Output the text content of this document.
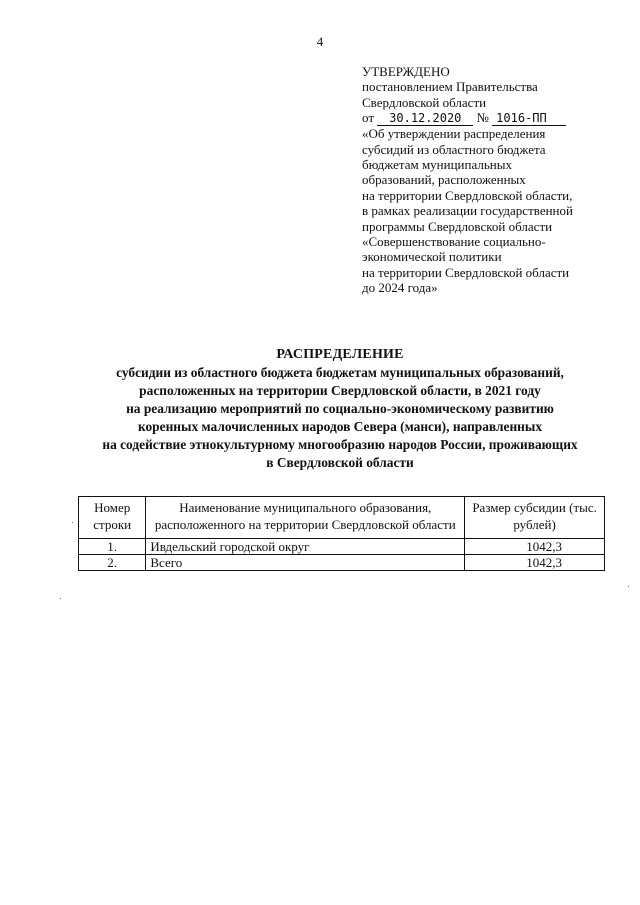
4
УТВЕРЖДЕНО
постановлением Правительства
Свердловской области
от 30.12.2020 № 1016-ПП
«Об утверждении распределения
субсидий из областного бюджета
бюджетам муниципальных
образований, расположенных
на территории Свердловской области,
в рамках реализации государственной
программы Свердловской области
«Совершенствование социально-
экономической политики
на территории Свердловской области
до 2024 года»
РАСПРЕДЕЛЕНИЕ
субсидии из областного бюджета бюджетам муниципальных образований,
расположенных на территории Свердловской области, в 2021 году
на реализацию мероприятий по социально-экономическому развитию
коренных малочисленных народов Севера (манси), направленных
на содействие этнокультурному многообразию народов России, проживающих
в Свердловской области
Номер строки	Наименование муниципального образования, расположенного на территории Свердловской области	Размер субсидии (тыс. рублей)
1.	Ивдельский городской округ	1042,3
2.	Всего	1042,3
